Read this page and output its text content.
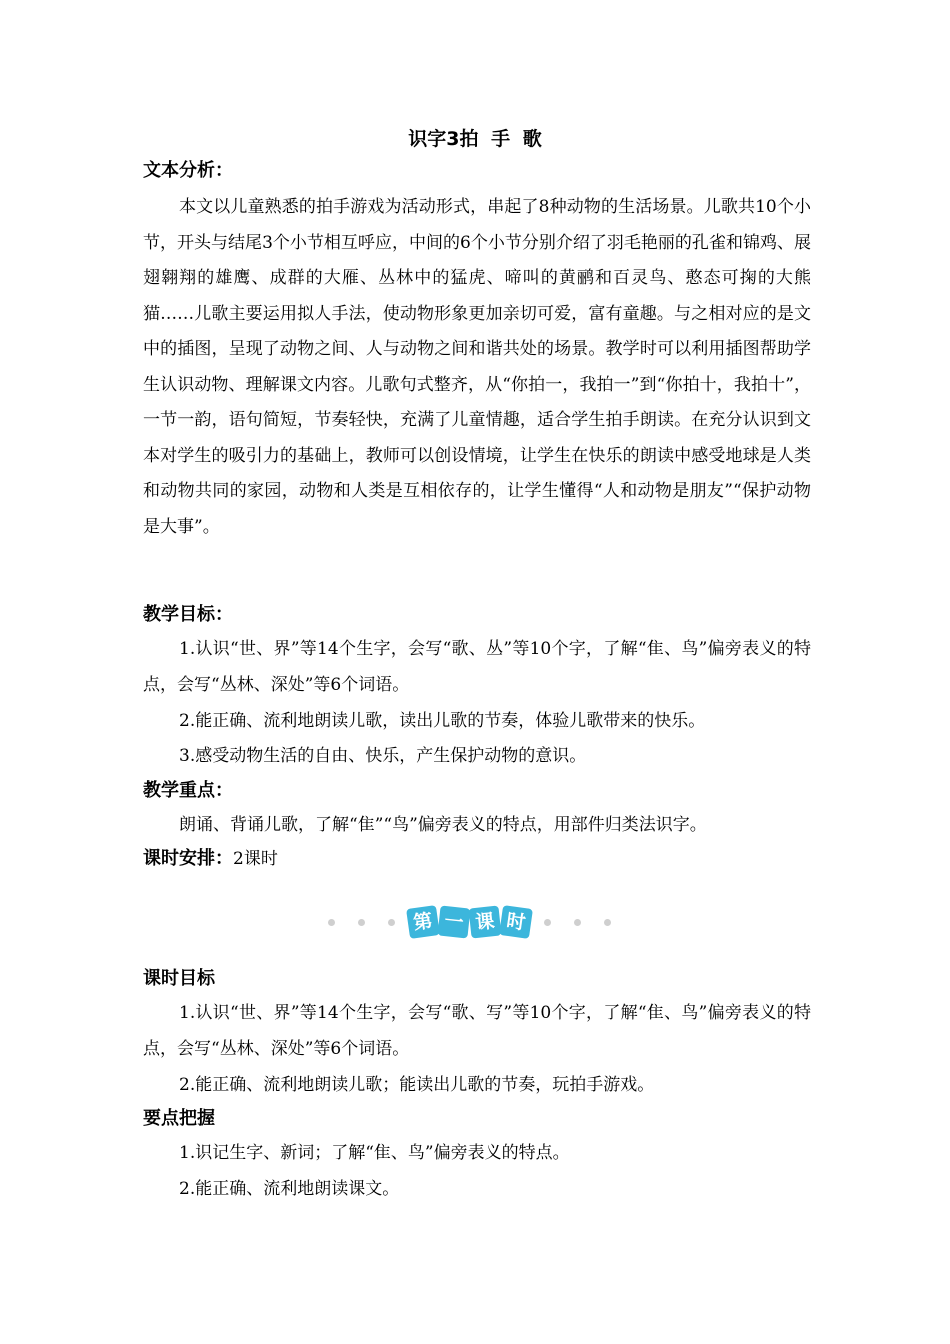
识字3拍 手 歌
文本分析：
本文以儿童熟悉的拍手游戏为活动形式，串起了8种动物的生活场景。儿歌共10个小节，开头与结尾3个小节相互呼应，中间的6个小节分别介绍了羽毛艳丽的孔雀和锦鸡、展翅翱翔的雄鹰、成群的大雁、丛林中的猛虎、啼叫的黄鹂和百灵鸟、憨态可掬的大熊猫……儿歌主要运用拟人手法，使动物形象更加亲切可爱，富有童趣。与之相对应的是文中的插图，呈现了动物之间、人与动物之间和谐共处的场景。教学时可以利用插图帮助学生认识动物、理解课文内容。儿歌句式整齐，从“你拍一，我拍一”到“你拍十，我拍十”，一节一韵，语句简短，节奏轻快，充满了儿童情趣，适合学生拍手朗读。在充分认识到文本对学生的吸引力的基础上，教师可以创设情境，让学生在快乐的朗读中感受地球是人类和动物共同的家园，动物和人类是互相依存的，让学生懂得“人和动物是朋友”“保护动物是大事”。
教学目标：
1.认识“世、界”等14个生字，会写“歌、丛”等10个字，了解“隹、鸟”偏旁表义的特点，会写“丛林、深处”等6个词语。
2.能正确、流利地朗读儿歌，读出儿歌的节奏，体验儿歌带来的快乐。
3.感受动物生活的自由、快乐，产生保护动物的意识。
教学重点：
朗诵、背诵儿歌，了解“隹”“鸟”偏旁表义的特点，用部件归类法识字。
课时安排：2课时
第 一 课 时
课时目标
1.认识“世、界”等14个生字，会写“歌、写”等10个字，了解“隹、鸟”偏旁表义的特点，会写“丛林、深处”等6个词语。
2.能正确、流利地朗读儿歌；能读出儿歌的节奏，玩拍手游戏。
要点把握
1.识记生字、新词；了解“隹、鸟”偏旁表义的特点。
2.能正确、流利地朗读课文。
